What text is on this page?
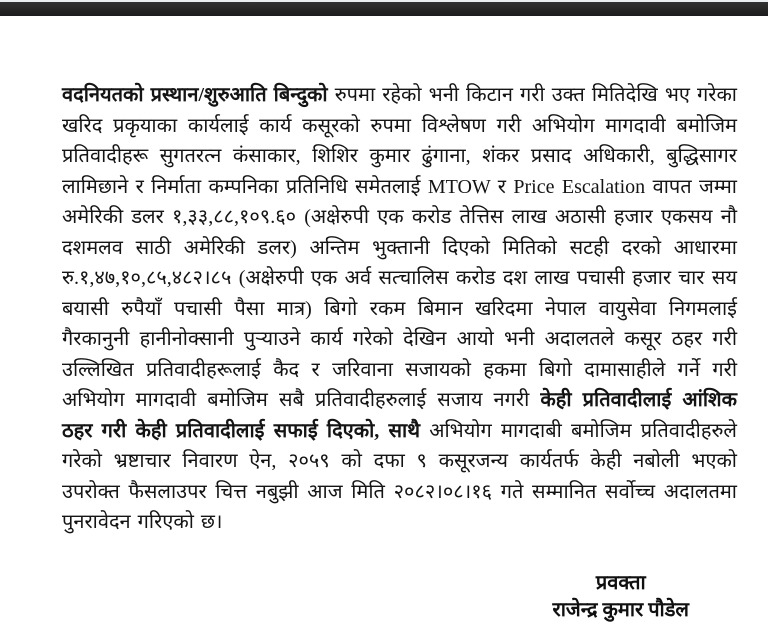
वदनियतको प्रस्थान/शुरुआति बिन्दुको रुपमा रहेको भनी किटान गरी उक्त मितिदेखि भए गरेका खरिद प्रकृयाका कार्यलाई कार्य कसूरको रुपमा विश्लेषण गरी अभियोग मागदावी बमोजिम प्रतिवादीहरू सुगतरत्न कंसाकार, शिशिर कुमार ढुंगाना, शंकर प्रसाद अधिकारी, बुद्धिसागर लामिछाने र निर्माता कम्पनिका प्रतिनिधि समेतलाई MTOW र Price Escalation वापत जम्मा अमेरिकी डलर १,३३,८८,१०९.६० (अक्षेरुपी एक करोड तेत्तिस लाख अठासी हजार एकसय नौ दशमलव साठी अमेरिकी डलर) अन्तिम भुक्तानी दिएको मितिको सटही दरको आधारमा रु.१,४७,१०,८५,४८२।८५ (अक्षेरुपी एक अर्व सत्चालिस करोड दश लाख पचासी हजार चार सय बयासी रुपैयाँ पचासी पैसा मात्र) बिगो रकम बिमान खरिदमा नेपाल वायुसेवा निगमलाई गैरकानुनी हानीनोक्सानी पुऱ्याउने कार्य गरेको देखिन आयो भनी अदालतले कसूर ठहर गरी उल्लिखित प्रतिवादीहरूलाई कैद र जरिवाना सजायको हकमा बिगो दामासाहीले गर्ने गरी अभियोग मागदावी बमोजिम सबै प्रतिवादीहरुलाई सजाय नगरी केही प्रतिवादीलाई आंशिक ठहर गरी केही प्रतिवादीलाई सफाई दिएको, साथै अभियोग मागदाबी बमोजिम प्रतिवादीहरुले गरेको भ्रष्टाचार निवारण ऐन, २०५९ को दफा ९ कसूरजन्य कार्यतर्फ केही नबोली भएको उपरोक्त फैसलाउपर चित्त नबुझी आज मिति २०८२।०८।१६ गते सम्मानित सर्वोच्च अदालतमा पुनरावेदन गरिएको छ।

प्रवक्ता
राजेन्द्र कुमार पौडेल
